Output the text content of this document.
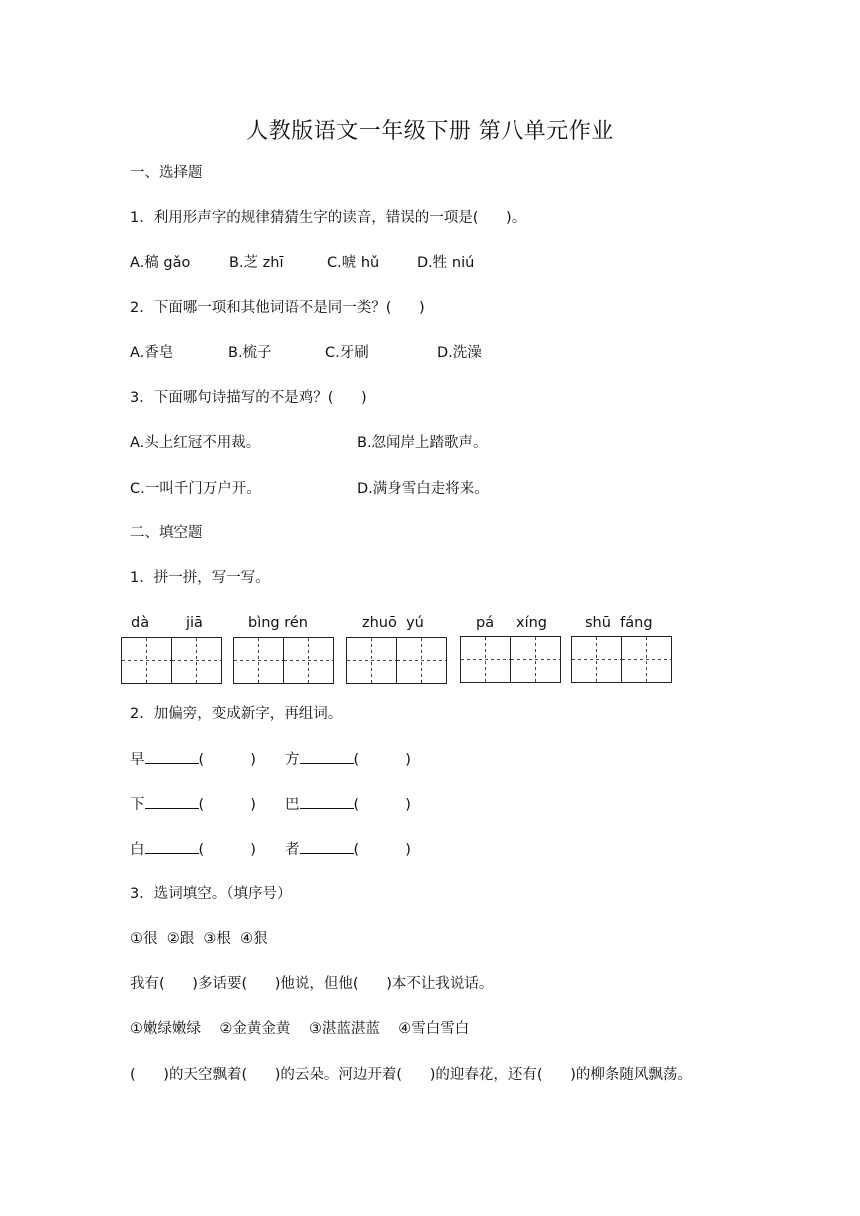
人教版语文一年级下册 第八单元作业
一、选择题
1．利用形声字的规律猜猜生字的读音，错误的一项是(      )。
A.稿 gǎo	B.芝 zhī	C.唬 hǔ	D.牲 niú
2．下面哪一项和其他词语不是同一类？(      )
A.香皂	B.梳子	C.牙刷	D.洗澡
3．下面哪句诗描写的不是鸡？(      )
A.头上红冠不用裁。	B.忽闻岸上踏歌声。
C.一叫千门万户开。	D.满身雪白走将来。
二、填空题
1．拼一拼，写一写。
dà	jiā	bìng rén	zhuō  yú	pá xíng	shū  fáng
2．加偏旁，变成新字，再组词。
早	(          ) 方	(          )
下	(          ) 巴	(          )
白	(          ) 者	(          )
3．选词填空。（填序号）
①很  ②跟  ③根  ④狠
我有(      )多话要(      )他说，但他(      )本不让我说话。
①嫩绿嫩绿    ②金黄金黄    ③湛蓝湛蓝    ④雪白雪白
(      )的天空飘着(      )的云朵。河边开着(      )的迎春花，还有(      )的柳条随风飘荡。
